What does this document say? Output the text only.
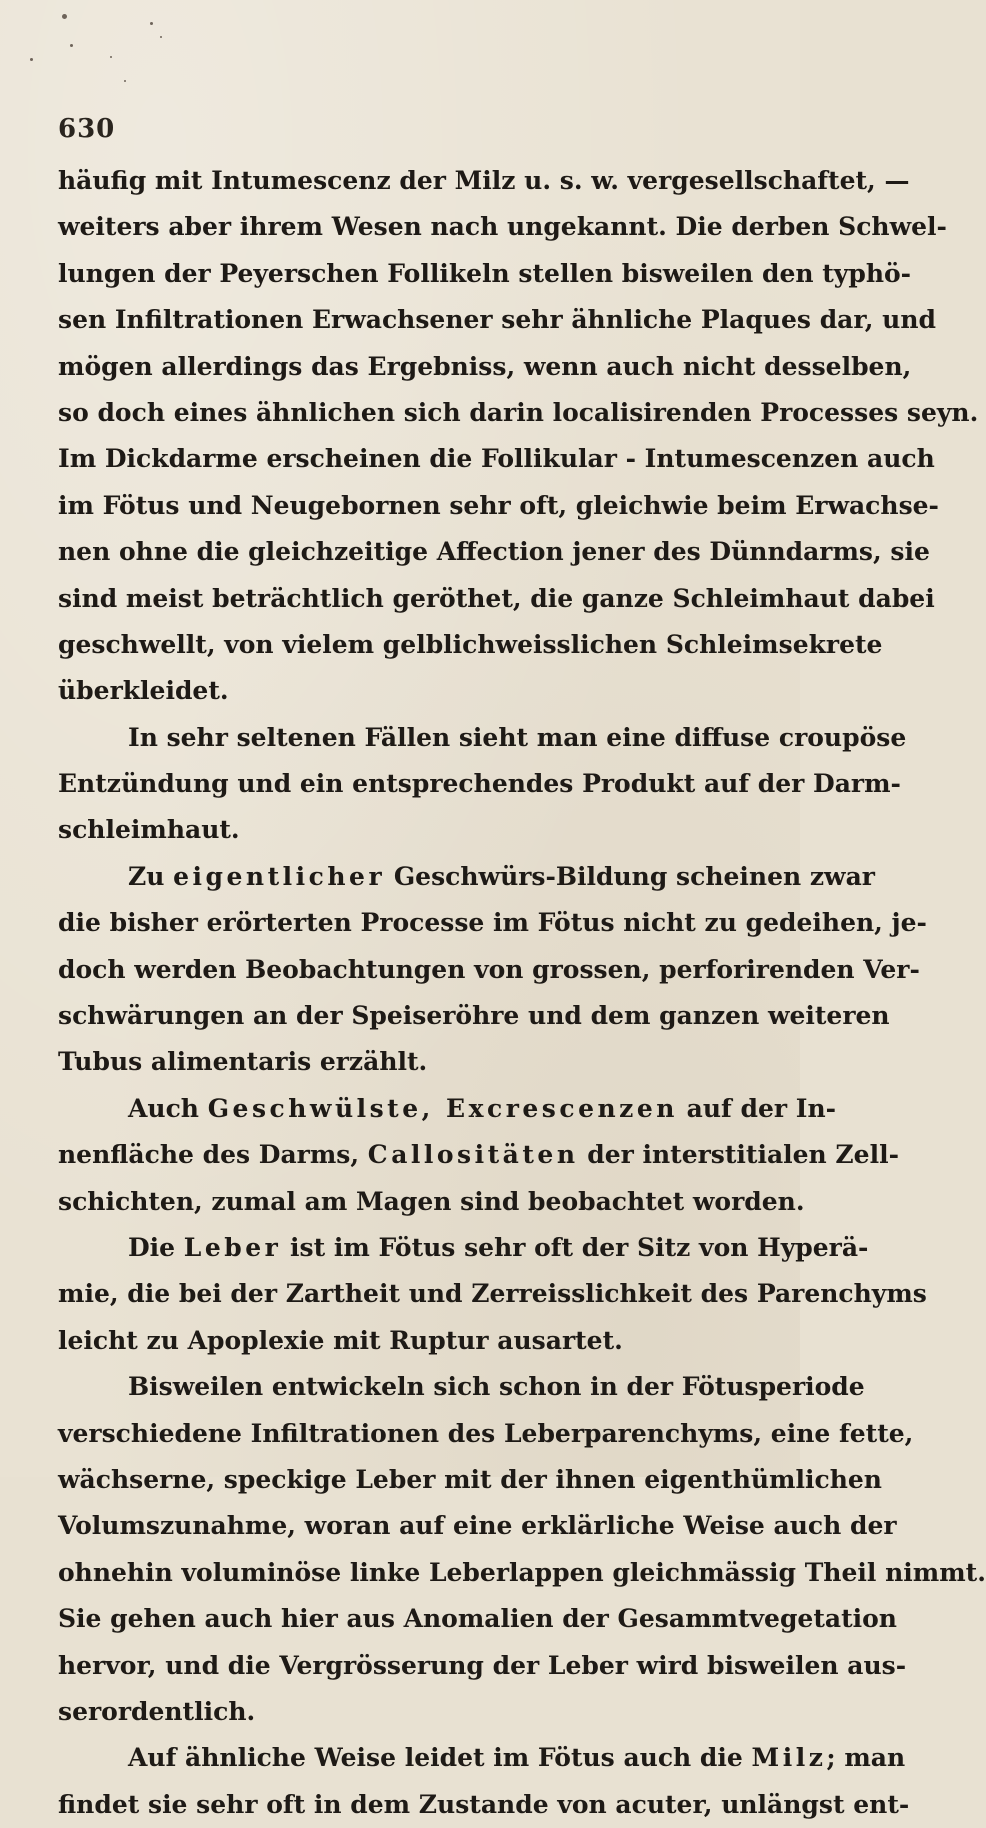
630
häufig mit Intumescenz der Milz u. s. w. vergesellschaftet, —
weiters aber ihrem Wesen nach ungekannt. Die derben Schwel-
lungen der Peyerschen Follikeln stellen bisweilen den typhö-
sen Infiltrationen Erwachsener sehr ähnliche Plaques dar, und
mögen allerdings das Ergebniss, wenn auch nicht desselben,
so doch eines ähnlichen sich darin localisirenden Processes seyn.
Im Dickdarme erscheinen die Follikular - Intumescenzen auch
im Fötus und Neugebornen sehr oft, gleichwie beim Erwachse-
nen ohne die gleichzeitige Affection jener des Dünndarms, sie
sind meist beträchtlich geröthet, die ganze Schleimhaut dabei
geschwellt, von vielem gelblichweisslichen Schleimsekrete
überkleidet.
In sehr seltenen Fällen sieht man eine diffuse croupöse
Entzündung und ein entsprechendes Produkt auf der Darm-
schleimhaut.
Zu eigentlicher Geschwürs-Bildung scheinen zwar
die bisher erörterten Processe im Fötus nicht zu gedeihen, je-
doch werden Beobachtungen von grossen, perforirenden Ver-
schwärungen an der Speiseröhre und dem ganzen weiteren
Tubus alimentaris erzählt.
Auch Geschwülste, Excrescenzen auf der In-
nenfläche des Darms, Callositäten der interstitialen Zell-
schichten, zumal am Magen sind beobachtet worden.
Die Leber ist im Fötus sehr oft der Sitz von Hyperä-
mie, die bei der Zartheit und Zerreisslichkeit des Parenchyms
leicht zu Apoplexie mit Ruptur ausartet.
Bisweilen entwickeln sich schon in der Fötusperiode
verschiedene Infiltrationen des Leberparenchyms, eine fette,
wächserne, speckige Leber mit der ihnen eigenthümlichen
Volumszunahme, woran auf eine erklärliche Weise auch der
ohnehin voluminöse linke Leberlappen gleichmässig Theil nimmt.
Sie gehen auch hier aus Anomalien der Gesammtvegetation
hervor, und die Vergrösserung der Leber wird bisweilen aus-
serordentlich.
Auf ähnliche Weise leidet im Fötus auch die Milz; man
findet sie sehr oft in dem Zustande von acuter, unlängst ent-
